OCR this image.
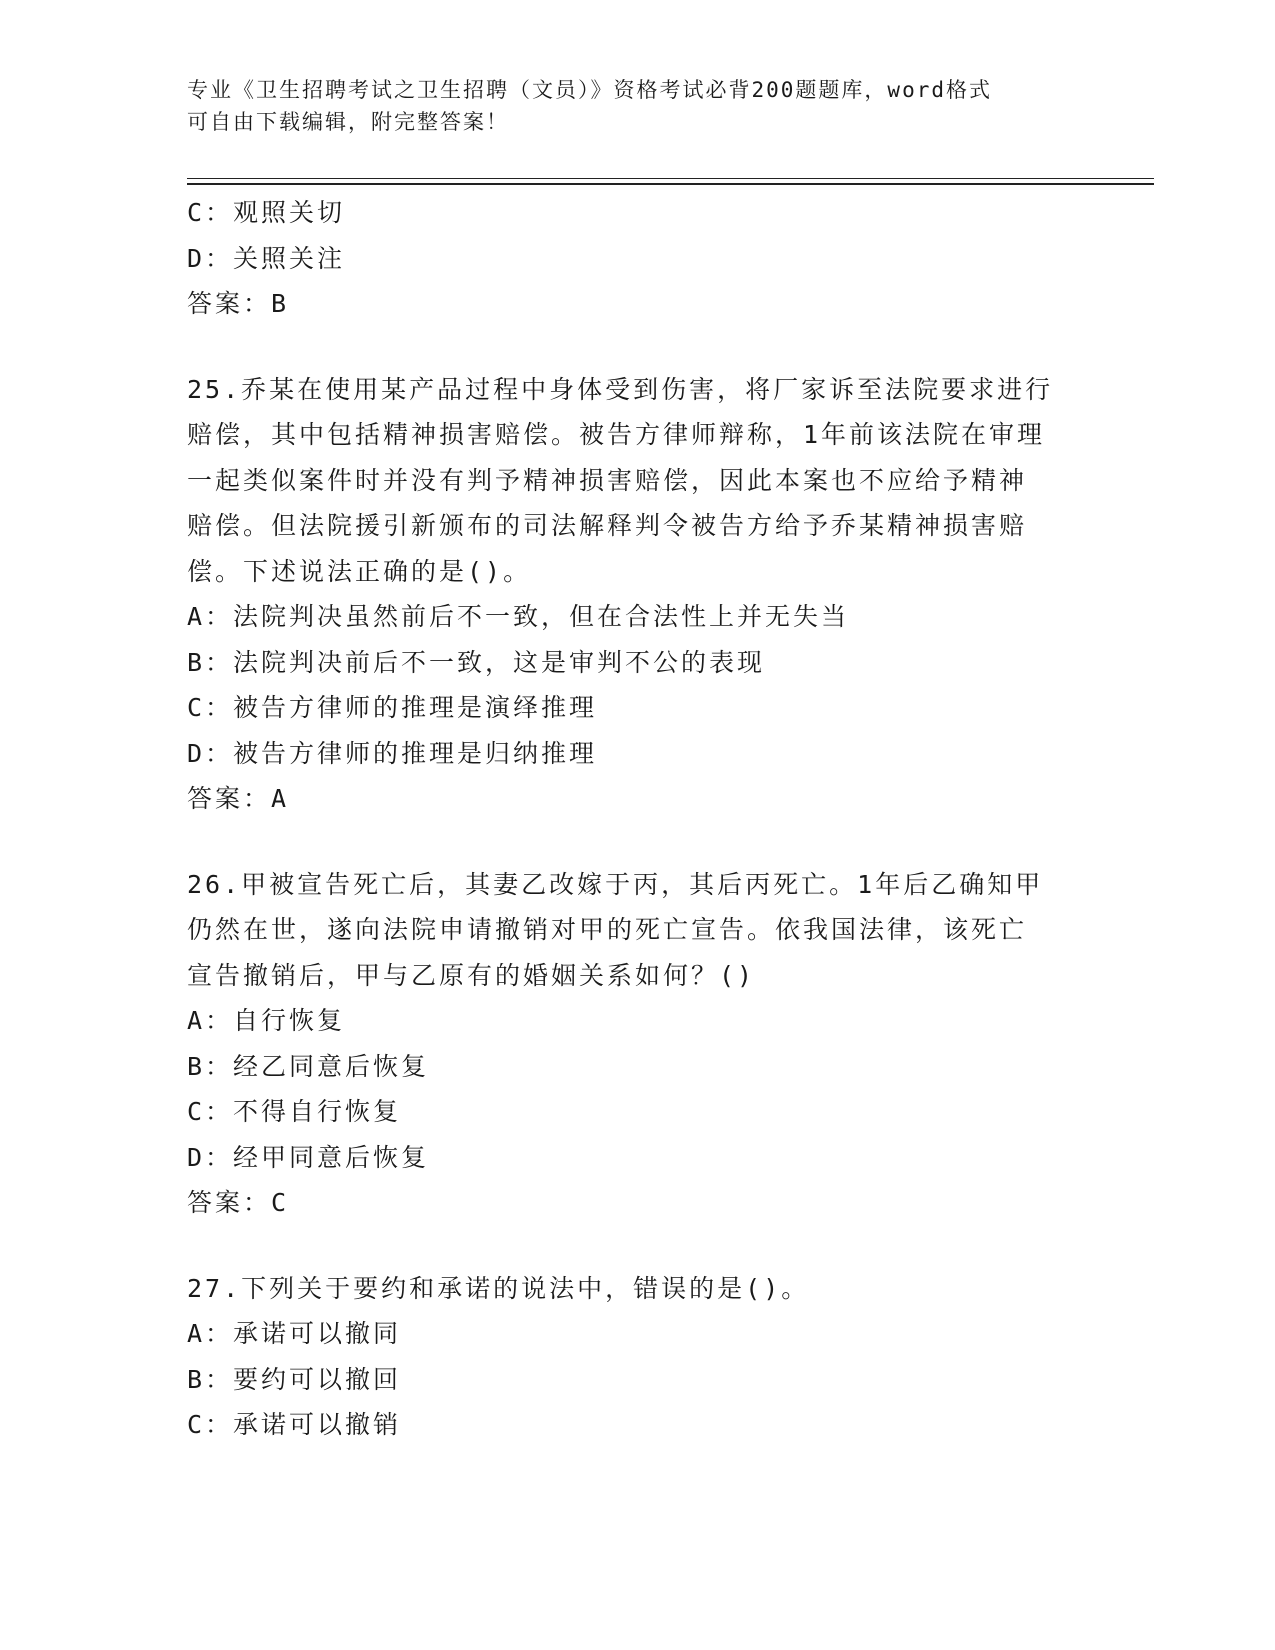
专业《卫生招聘考试之卫生招聘（文员）》资格考试必背200题题库，word格式
可自由下载编辑，附完整答案！
C：观照关切
D：关照关注
答案：B
25.乔某在使用某产品过程中身体受到伤害，将厂家诉至法院要求进行
赔偿，其中包括精神损害赔偿。被告方律师辩称，1年前该法院在审理
一起类似案件时并没有判予精神损害赔偿，因此本案也不应给予精神
赔偿。但法院援引新颁布的司法解释判令被告方给予乔某精神损害赔
偿。下述说法正确的是()。
A：法院判决虽然前后不一致，但在合法性上并无失当
B：法院判决前后不一致，这是审判不公的表现
C：被告方律师的推理是演绎推理
D：被告方律师的推理是归纳推理
答案：A
26.甲被宣告死亡后，其妻乙改嫁于丙，其后丙死亡。1年后乙确知甲
仍然在世，遂向法院申请撤销对甲的死亡宣告。依我国法律，该死亡
宣告撤销后，甲与乙原有的婚姻关系如何？()
A：自行恢复
B：经乙同意后恢复
C：不得自行恢复
D：经甲同意后恢复
答案：C
27.下列关于要约和承诺的说法中，错误的是()。
A：承诺可以撤同
B：要约可以撤回
C：承诺可以撤销
